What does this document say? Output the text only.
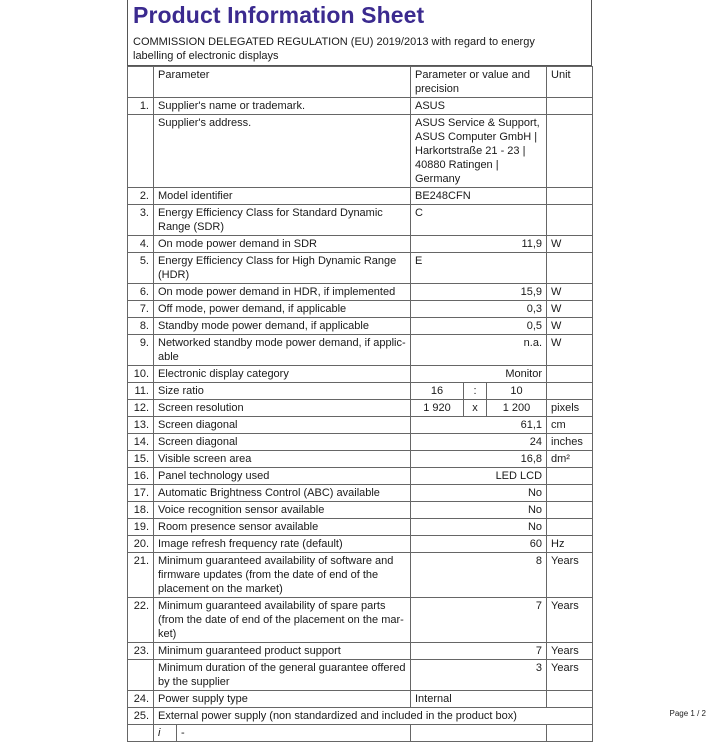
Product Information Sheet
COMMISSION DELEGATED REGULATION (EU) 2019/2013 with regard to energy labelling of electronic displays
	Parameter	Parameter or value and precision	Unit
1.	Supplier's name or trademark.	ASUS	
	Supplier's address.	ASUS Service & Support, ASUS Computer GmbH | Harkortstraße 21 - 23 | 40880 Ratingen | Germany	
2.	Model identifier	BE248CFN	
3.	Energy Efficiency Class for Standard Dynamic Range (SDR)	C	
4.	On mode power demand in SDR	11,9	W
5.	Energy Efficiency Class for High Dynamic Range (HDR)	E	
6.	On mode power demand in HDR, if implemented	15,9	W
7.	Off mode, power demand, if applicable	0,3	W
8.	Standby mode power demand, if applicable	0,5	W
9.	Networked standby mode power demand, if applic-able	n.a.	W
10.	Electronic display category	Monitor	
11.	Size ratio	16	:	10	
12.	Screen resolution	1 920	x	1 200	pixels
13.	Screen diagonal	61,1	cm
14.	Screen diagonal	24	inches
15.	Visible screen area	16,8	dm²
16.	Panel technology used	LED LCD	
17.	Automatic Brightness Control (ABC) available	No	
18.	Voice recognition sensor available	No	
19.	Room presence sensor available	No	
20.	Image refresh frequency rate (default)	60	Hz
21.	Minimum guaranteed availability of software and firmware updates (from the date of end of the placement on the market)	8	Years
22.	Minimum guaranteed availability of spare parts (from the date of end of the placement on the mar-ket)	7	Years
23.	Minimum guaranteed product support	7	Years
	Minimum duration of the general guarantee offered by the supplier	3	Years
24.	Power supply type	Internal	
25.	External power supply (non standardized and included in the product box)

i	-

Page 1 / 2
